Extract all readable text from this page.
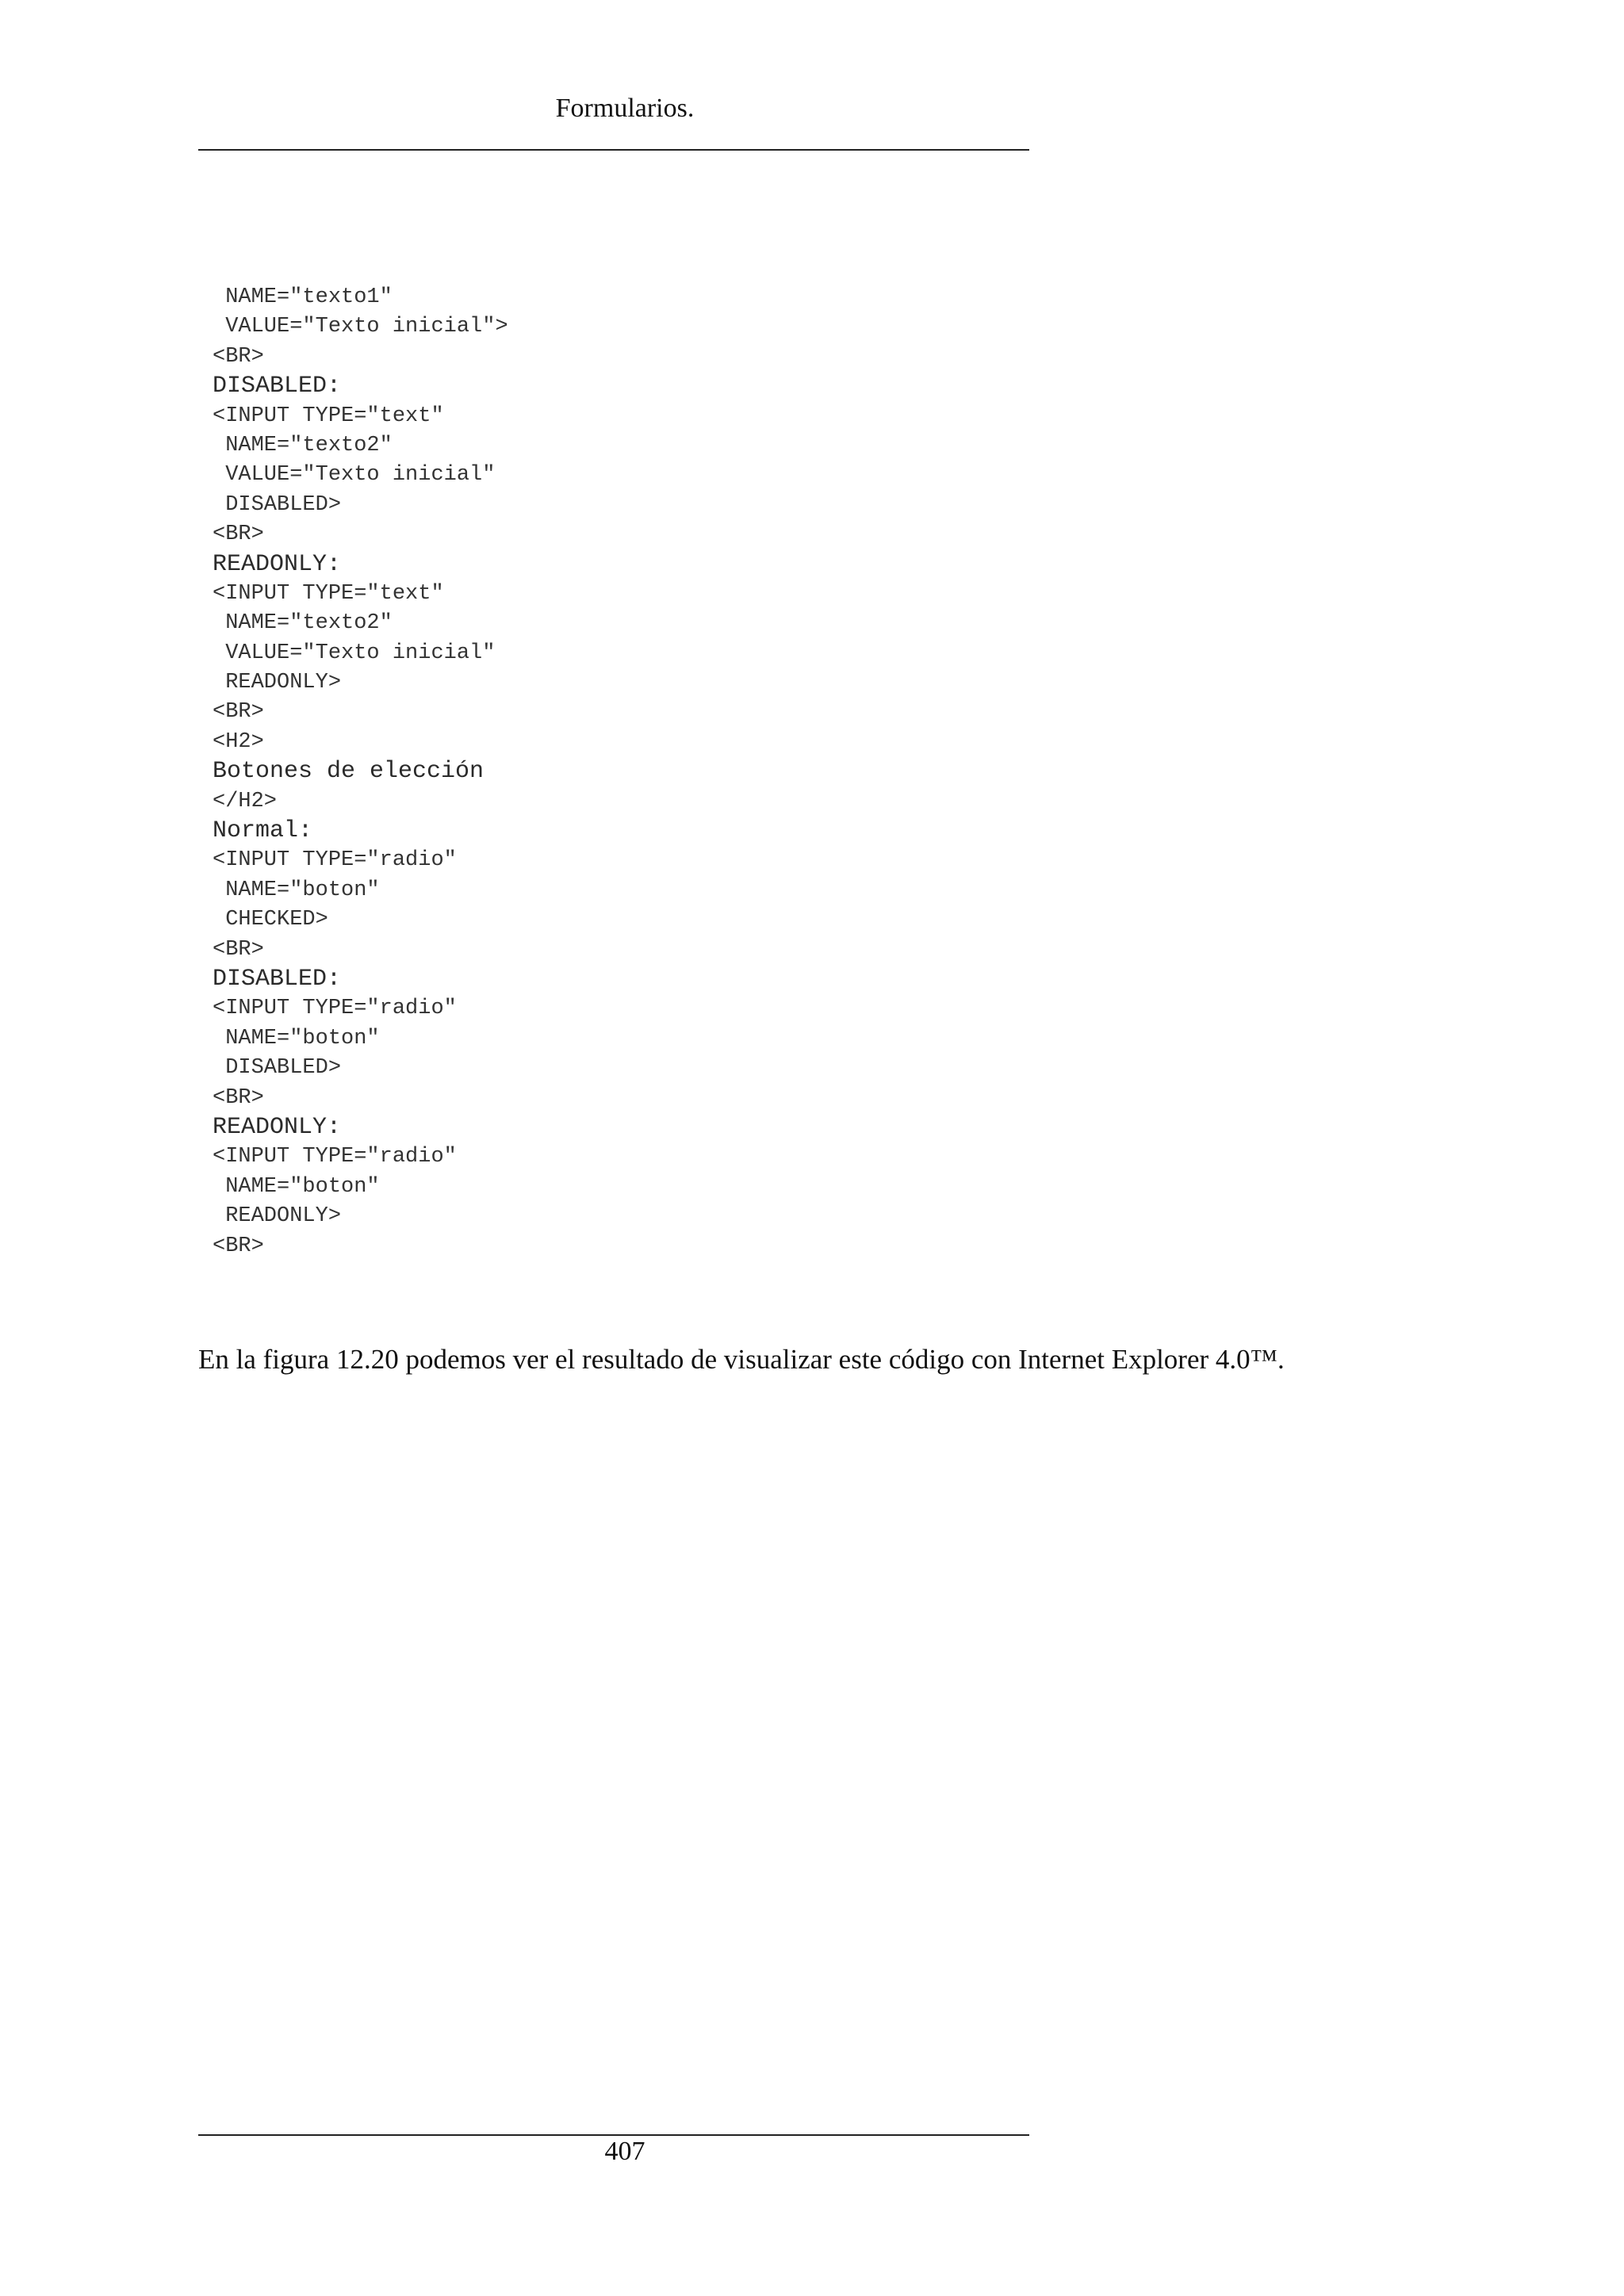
Formularios.
NAME="texto1"
VALUE="Texto inicial">
<BR>
DISABLED:
<INPUT TYPE="text"
NAME="texto2"
VALUE="Texto inicial"
DISABLED>
<BR>
READONLY:
<INPUT TYPE="text"
NAME="texto2"
VALUE="Texto inicial"
READONLY>
<BR>
<H2>
Botones de elección
</H2>
Normal:
<INPUT TYPE="radio"
NAME="boton"
CHECKED>
<BR>
DISABLED:
<INPUT TYPE="radio"
NAME="boton"
DISABLED>
<BR>
READONLY:
<INPUT TYPE="radio"
NAME="boton"
READONLY>
<BR>

En la figura 12.20 podemos ver el resultado de visualizar este código con Internet Explorer 4.0™.

407
